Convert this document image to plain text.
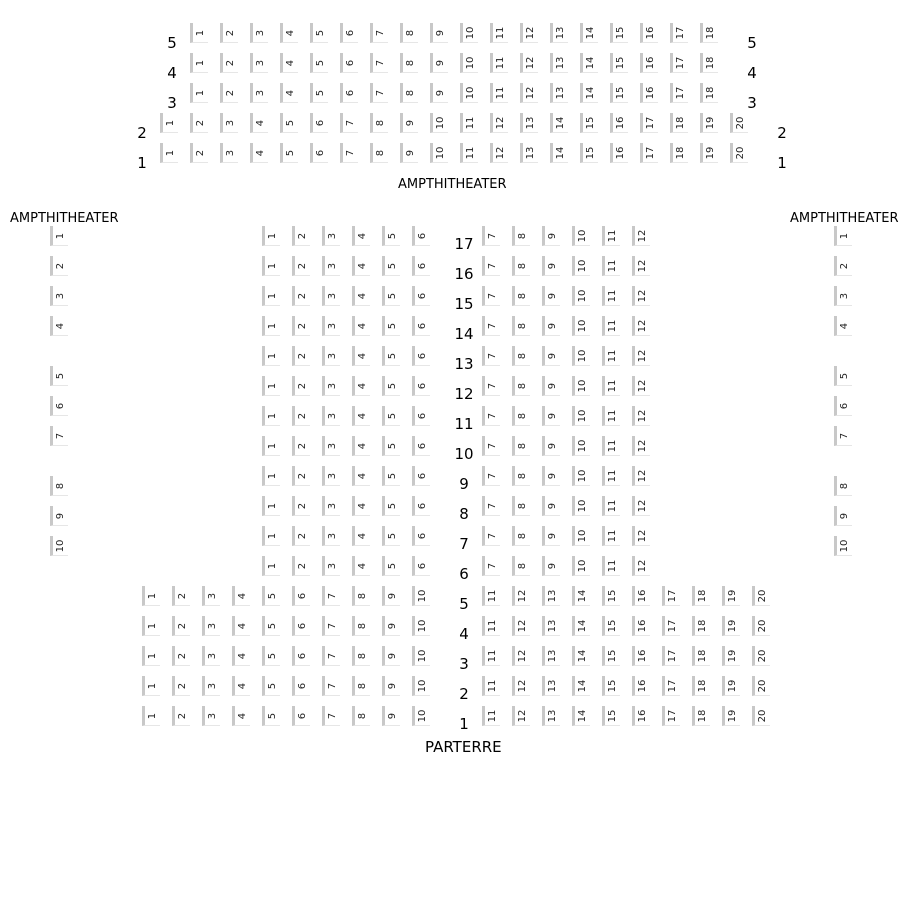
AMPTHITHEATER
AMPTHITHEATER	AMPTHITHEATER
PARTERRE
1 2 3 4 5 6 7 8 9 10 11 12 13 14 15 16 17 18
5	5
1 2 3 4 5 6 7 8 9 10 11 12 13 14 15 16 17 18
4	4
1 2 3 4 5 6 7 8 9 10 11 12 13 14 15 16 17 18
3	3
1 2 3 4 5 6 7 8 9 10 11 12 13 14 15 16 17 18 19 20
2	2
1 2 3 4 5 6 7 8 9 10 11 12 13 14 15 16 17 18 19 20
1	1
1
2
3
4
5
6
7
8
9
10
1
2
3
4
5
6
7
8
9
10
1 2 3 4 5 6	7 8 9 10 11 12
17
1 2 3 4 5 6	7 8 9 10 11 12
16
1 2 3 4 5 6	7 8 9 10 11 12
15
1 2 3 4 5 6	7 8 9 10 11 12
14
1 2 3 4 5 6	7 8 9 10 11 12
13
1 2 3 4 5 6	7 8 9 10 11 12
12
1 2 3 4 5 6	7 8 9 10 11 12
11
1 2 3 4 5 6	7 8 9 10 11 12
10
1 2 3 4 5 6	7 8 9 10 11 12
9
1 2 3 4 5 6	7 8 9 10 11 12
8
1 2 3 4 5 6	7 8 9 10 11 12
7
1 2 3 4 5 6	7 8 9 10 11 12
6
1 2 3 4 5 6 7 8 9 10	11 12 13 14 15 16 17 18 19 20
5
1 2 3 4 5 6 7 8 9 10	11 12 13 14 15 16 17 18 19 20
4
1 2 3 4 5 6 7 8 9 10	11 12 13 14 15 16 17 18 19 20
3
1 2 3 4 5 6 7 8 9 10	11 12 13 14 15 16 17 18 19 20
2
1 2 3 4 5 6 7 8 9 10	11 12 13 14 15 16 17 18 19 20
1
